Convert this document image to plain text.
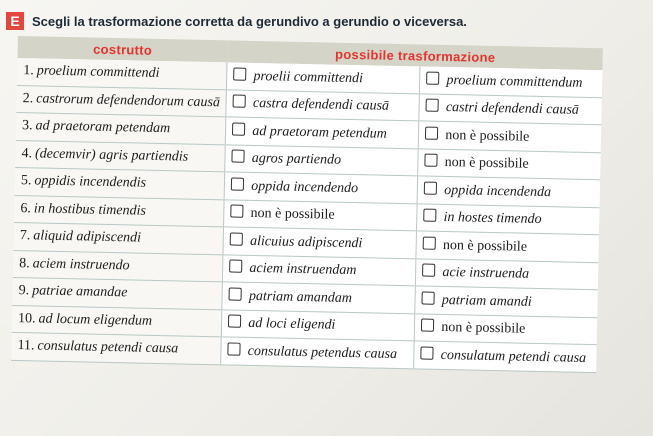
E Scegli la trasformazione corretta da gerundivo a gerundio o viceversa.
costrutto	possibile trasformazione	
1. proelium committendi	proelii committendi	proelium committendum
2. castrorum defendendorum causā	castra defendendi causā	castri defendendi causā
3. ad praetoram petendam	ad praetoram petendum	non è possibile
4. (decemvir) agris partiendis	agros partiendo	non è possibile
5. oppidis incendendis	oppida incendendo	oppida incendenda
6. in hostibus timendis	non è possibile	in hostes timendo
7. aliquid adipiscendi	alicuius adipiscendi	non è possibile
8. aciem instruendo	aciem instruendam	acie instruenda
9. patriae amandae	patriam amandam	patriam amandi
10. ad locum eligendum	ad loci eligendi	non è possibile
11. consulatus petendi causa	consulatus petendus causa	consulatum petendi causa
